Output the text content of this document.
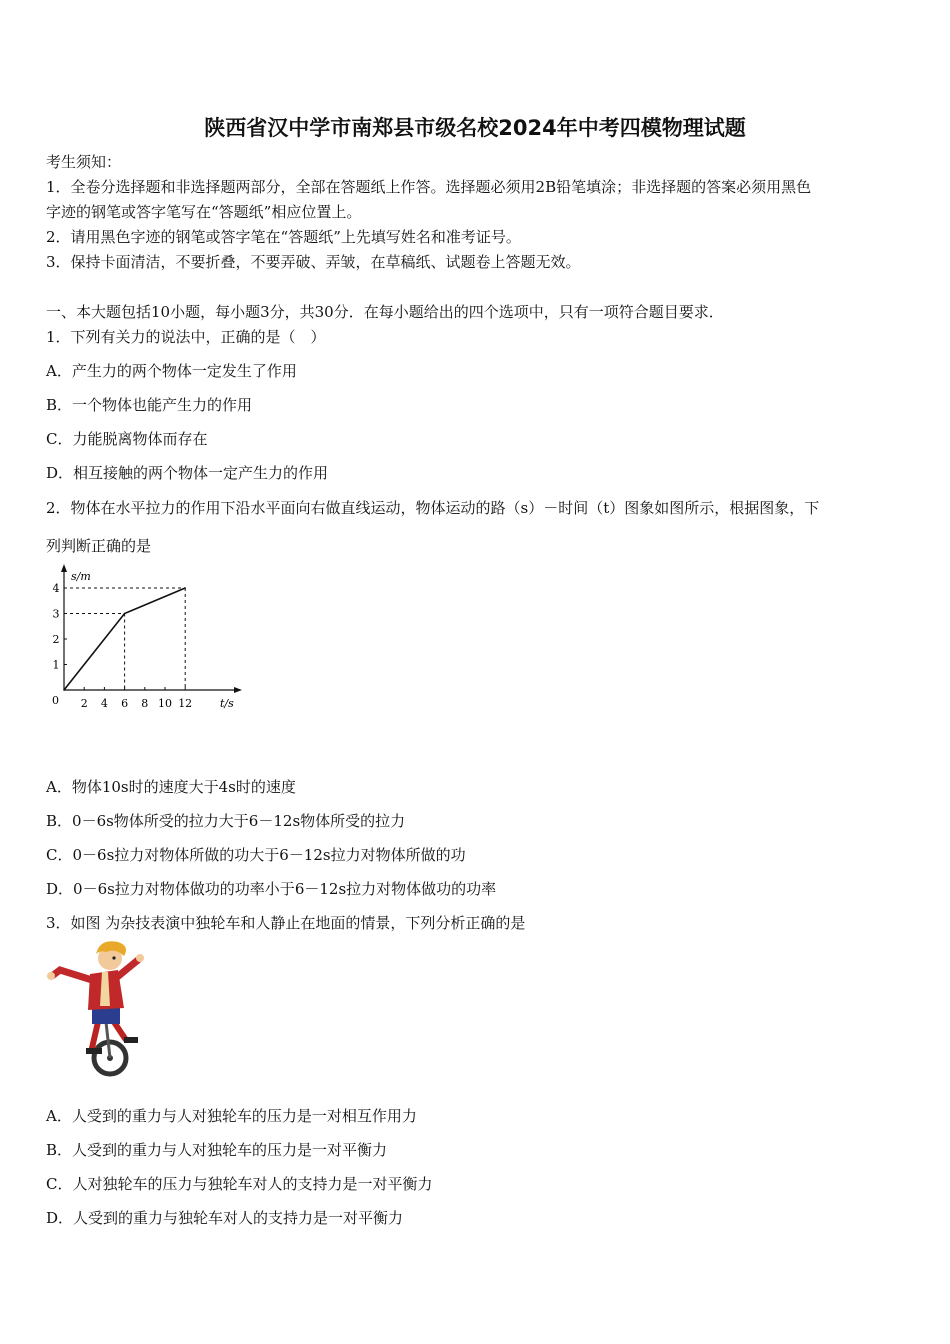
陕西省汉中学市南郑县市级名校2024年中考四模物理试题
考生须知：
1．全卷分选择题和非选择题两部分，全部在答题纸上作答。选择题必须用2B铅笔填涂；非选择题的答案必须用黑色
字迹的钢笔或答字笔写在“答题纸”相应位置上。
2．请用黑色字迹的钢笔或答字笔在“答题纸”上先填写姓名和准考证号。
3．保持卡面清洁，不要折叠，不要弄破、弄皱，在草稿纸、试题卷上答题无效。
一、本大题包括10小题，每小题3分，共30分．在每小题给出的四个选项中，只有一项符合题目要求．
1．下列有关力的说法中，正确的是（　）
A．产生力的两个物体一定发生了作用
B．一个物体也能产生力的作用
C．力能脱离物体而存在
D．相互接触的两个物体一定产生力的作用
2．物体在水平拉力的作用下沿水平面向右做直线运动，物体运动的路（s）－时间（t）图象如图所示，根据图象，下
列判断正确的是
s/m
t/s
0 2 4 6 8 10 12
1
2
3
4
A．物体10s时的速度大于4s时的速度
B．0－6s物体所受的拉力大于6－12s物体所受的拉力
C．0－6s拉力对物体所做的功大于6－12s拉力对物体所做的功
D．0－6s拉力对物体做功的功率小于6－12s拉力对物体做功的功率
3．如图 为杂技表演中独轮车和人静止在地面的情景，下列分析正确的是
A．人受到的重力与人对独轮车的压力是一对相互作用力
B．人受到的重力与人对独轮车的压力是一对平衡力
C．人对独轮车的压力与独轮车对人的支持力是一对平衡力
D．人受到的重力与独轮车对人的支持力是一对平衡力
